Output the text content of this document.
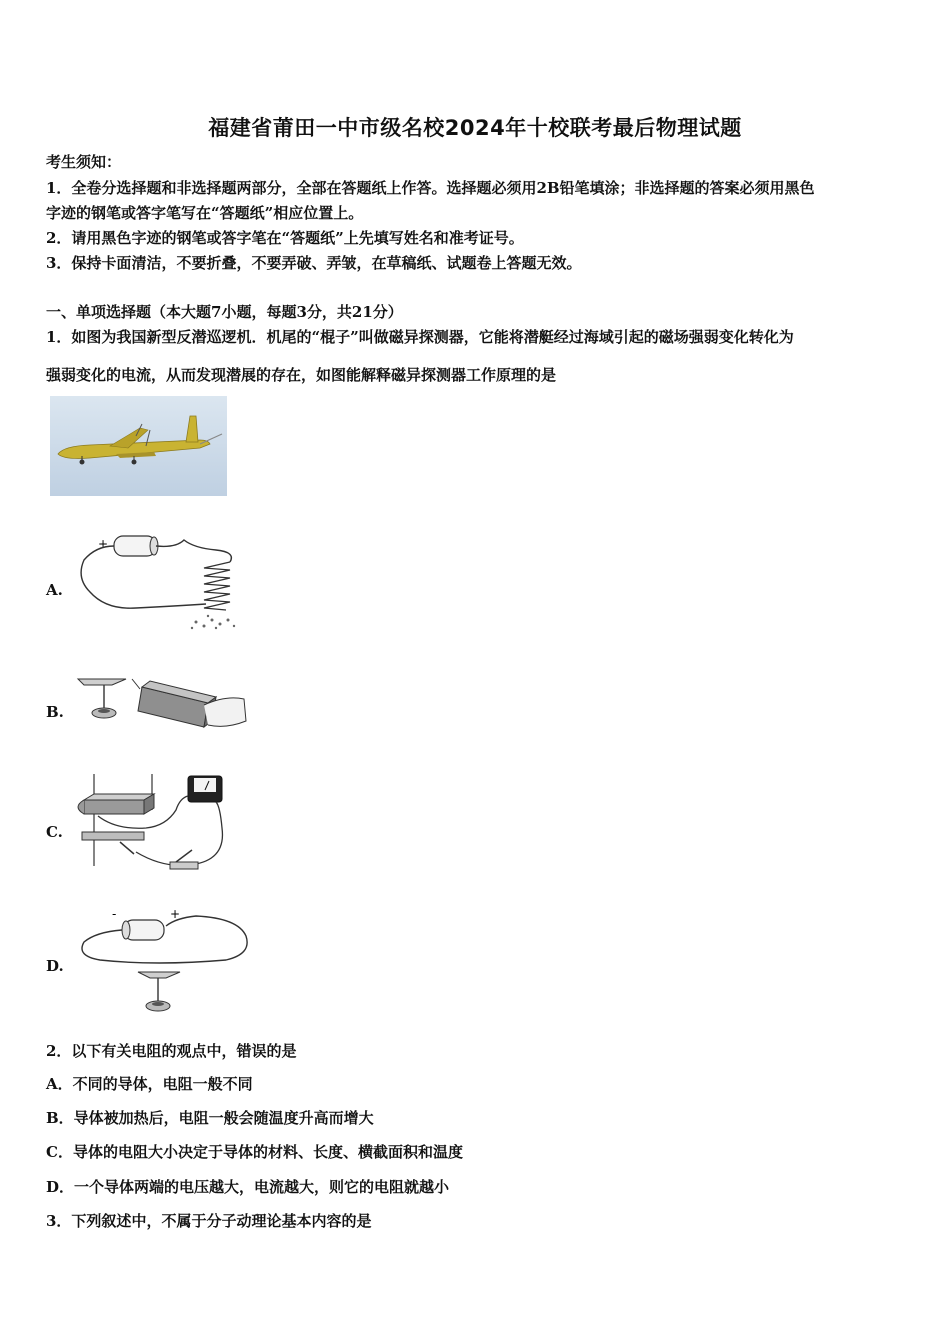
福建省莆田一中市级名校2024年十校联考最后物理试题
考生须知：
1．全卷分选择题和非选择题两部分，全部在答题纸上作答。选择题必须用2B铅笔填涂；非选择题的答案必须用黑色
字迹的钢笔或答字笔写在“答题纸”相应位置上。
2．请用黑色字迹的钢笔或答字笔在“答题纸”上先填写姓名和准考证号。
3．保持卡面清洁，不要折叠，不要弄破、弄皱，在草稿纸、试题卷上答题无效。
一、单项选择题（本大题7小题，每题3分，共21分）
1．如图为我国新型反潜巡逻机．机尾的“棍子”叫做磁异探测器，它能将潜艇经过海域引起的磁场强弱变化转化为
强弱变化的电流，从而发现潜展的存在，如图能解释磁异探测器工作原理的是
A.
+
B.
C.
D.
-	+
2．以下有关电阻的观点中，错误的是
A．不同的导体，电阻一般不同
B．导体被加热后，电阻一般会随温度升高而增大
C．导体的电阻大小决定于导体的材料、长度、横截面积和温度
D．一个导体两端的电压越大，电流越大，则它的电阻就越小
3．下列叙述中，不属于分子动理论基本内容的是
